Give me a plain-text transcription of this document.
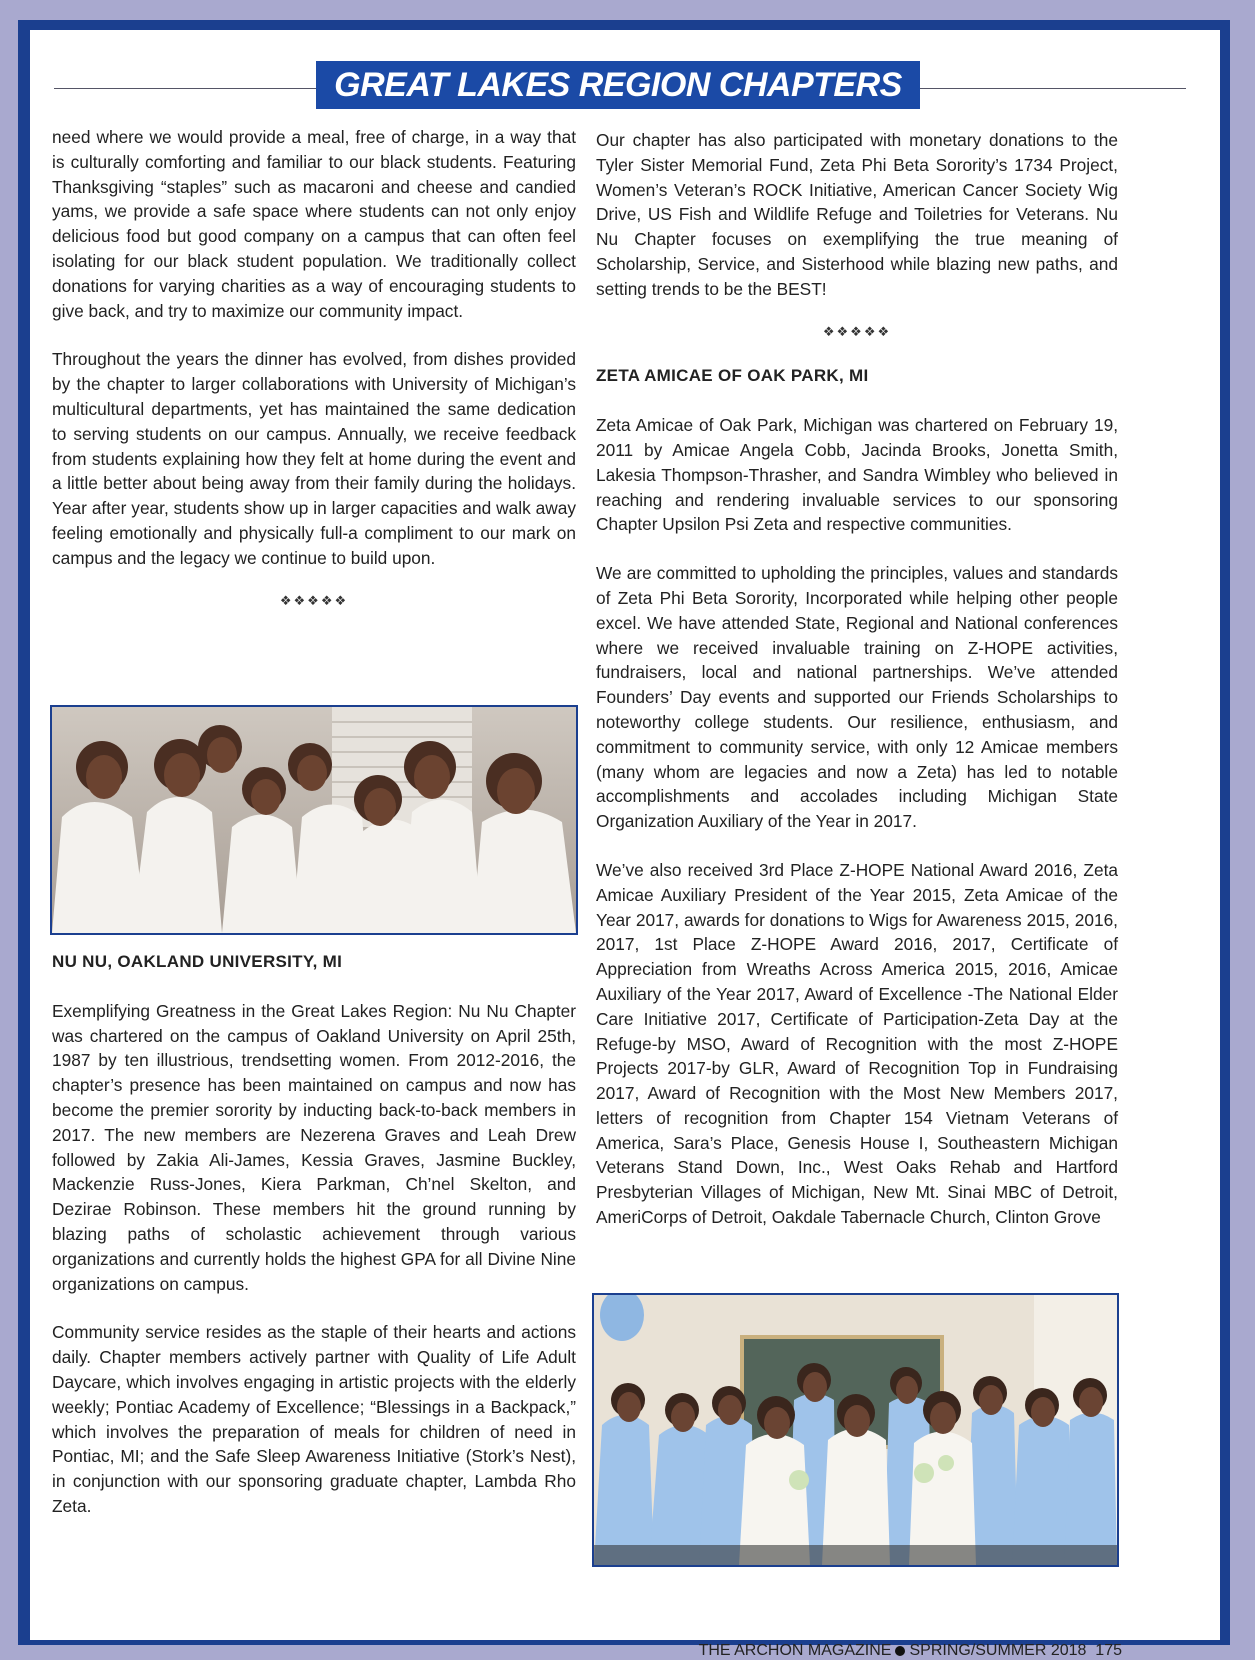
GREAT LAKES REGION CHAPTERS

need where we would provide a meal, free of charge, in a way that is culturally comforting and familiar to our black students. Featuring Thanksgiving “staples” such as macaroni and cheese and candied yams, we provide a safe space where students can not only enjoy delicious food but good company on a campus that can often feel isolating for our black student population. We traditionally collect donations for varying charities as a way of encouraging students to give back, and try to maximize our community impact.

Throughout the years the dinner has evolved, from dishes provided by the chapter to larger collaborations with University of Michigan’s multicultural departments, yet has maintained the same dedication to serving students on our campus. Annually, we receive feedback from students explaining how they felt at home during the event and a little better about being away from their family during the holidays. Year after year, students show up in larger capacities and walk away feeling emotionally and physically full-a compliment to our mark on campus and the legacy we continue to build upon.

❖❖❖❖❖
NU NU, OAKLAND UNIVERSITY, MI

Exemplifying Greatness in the Great Lakes Region: Nu Nu Chapter was chartered on the campus of Oakland University on April 25th, 1987 by ten illustrious, trendsetting women. From 2012-2016, the chapter’s presence has been maintained on campus and now has become the premier sorority by inducting back-to-back members in 2017. The new members are Nezerena Graves and Leah Drew followed by Zakia Ali-James, Kessia Graves, Jasmine Buckley, Mackenzie Russ-Jones, Kiera Parkman, Ch’nel Skelton, and Dezirae Robinson. These members hit the ground running by blazing paths of scholastic achievement through various organizations and currently holds the highest GPA for all Divine Nine organizations on campus.

Community service resides as the staple of their hearts and actions daily. Chapter members actively partner with Quality of Life Adult Daycare, which involves engaging in artistic projects with the elderly weekly; Pontiac Academy of Excellence; “Blessings in a Backpack,” which involves the preparation of meals for children of need in Pontiac, MI; and the Safe Sleep Awareness Initiative (Stork’s Nest), in conjunction with our sponsoring graduate chapter, Lambda Rho Zeta.

Our chapter has also participated with monetary donations to the Tyler Sister Memorial Fund, Zeta Phi Beta Sorority’s 1734 Project, Women’s Veteran’s ROCK Initiative, American Cancer Society Wig Drive, US Fish and Wildlife Refuge and Toiletries for Veterans. Nu Nu Chapter focuses on exemplifying the true meaning of Scholarship, Service, and Sisterhood while blazing new paths, and setting trends to be the BEST!

❖❖❖❖❖
ZETA AMICAE OF OAK PARK, MI

Zeta Amicae of Oak Park, Michigan was chartered on February 19, 2011 by Amicae Angela Cobb, Jacinda Brooks, Jonetta Smith, Lakesia Thompson-Thrasher, and Sandra Wimbley who believed in reaching and rendering invaluable services to our sponsoring Chapter Upsilon Psi Zeta and respective communities.

We are committed to upholding the principles, values and standards of Zeta Phi Beta Sorority, Incorporated while helping other people excel. We have attended State, Regional and National conferences where we received invaluable training on Z-HOPE activities, fundraisers, local and national partnerships. We’ve attended Founders’ Day events and supported our Friends Scholarships to noteworthy college students. Our resilience, enthusiasm, and commitment to community service, with only 12 Amicae members (many whom are legacies and now a Zeta) has led to notable accomplishments and accolades including Michigan State Organization Auxiliary of the Year in 2017.

We’ve also received 3rd Place Z-HOPE National Award 2016, Zeta Amicae Auxiliary President of the Year 2015, Zeta Amicae of the Year 2017, awards for donations to Wigs for Awareness 2015, 2016, 2017, 1st Place Z-HOPE Award 2016, 2017, Certificate of Appreciation from Wreaths Across America 2015, 2016, Amicae Auxiliary of the Year 2017, Award of Excellence -The National Elder Care Initiative 2017, Certificate of Participation-Zeta Day at the Refuge-by MSO, Award of Recognition with the most Z-HOPE Projects 2017-by GLR, Award of Recognition Top in Fundraising 2017, Award of Recognition with the Most New Members 2017, letters of recognition from Chapter 154 Vietnam Veterans of America, Sara’s Place, Genesis House I, Southeastern Michigan Veterans Stand Down, Inc., West Oaks Rehab and Hartford Presbyterian Villages of Michigan, New Mt. Sinai MBC of Detroit, AmeriCorps of Detroit, Oakdale Tabernacle Church, Clinton Grove

THE ARCHON MAGAZINE SPRING/SUMMER 2018 175
